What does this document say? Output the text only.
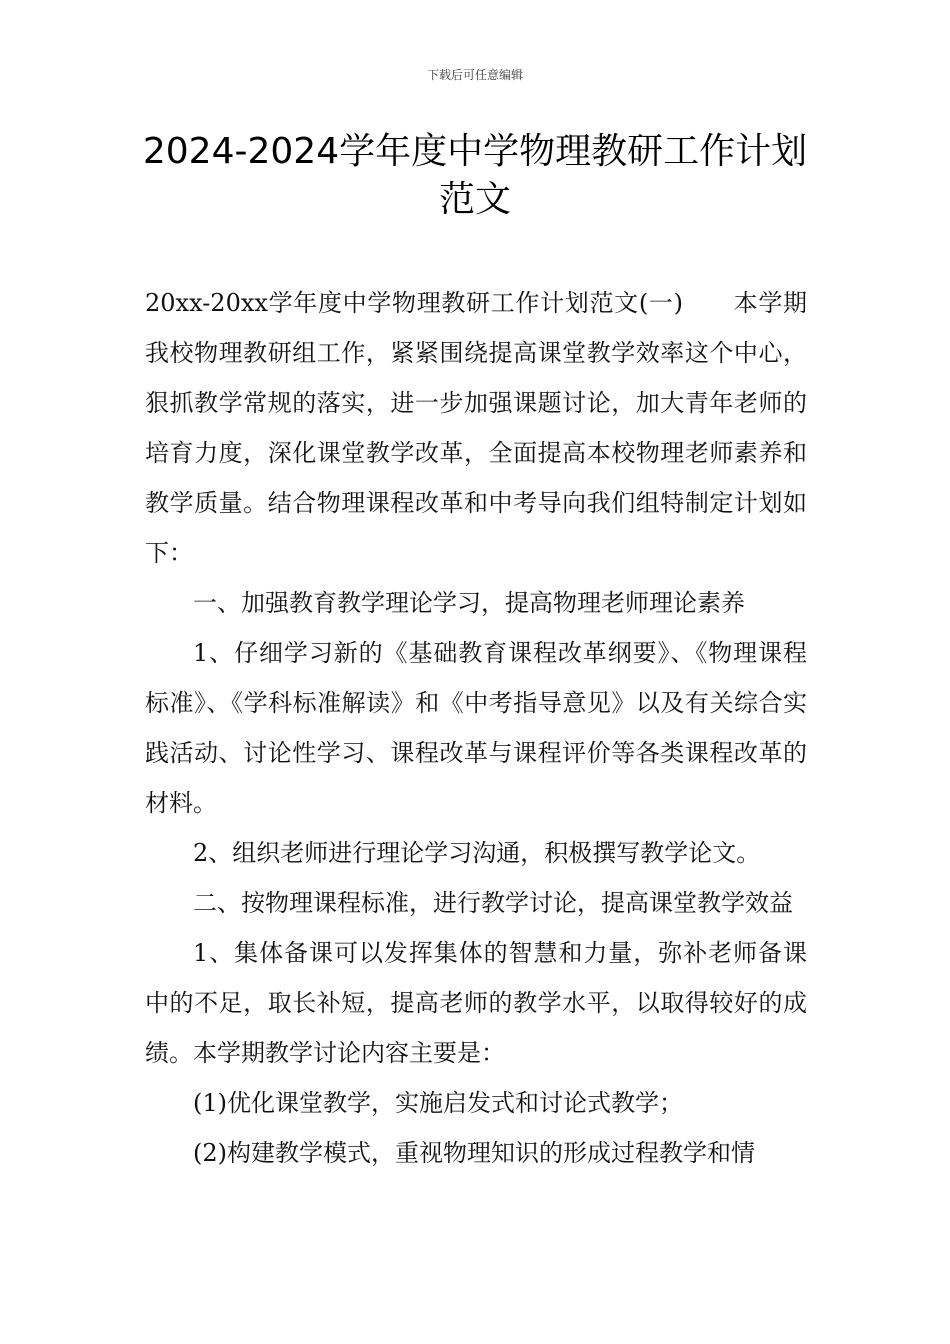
下载后可任意编辑
2024-2024学年度中学物理教研工作计划范文

20xx-20xx学年度中学物理教研工作计划范文(一) 本学期我校物理教研组工作，紧紧围绕提高课堂教学效率这个中心，狠抓教学常规的落实，进一步加强课题讨论，加大青年老师的培育力度，深化课堂教学改革，全面提高本校物理老师素养和教学质量。结合物理课程改革和中考导向我们组特制定计划如下：

一、加强教育教学理论学习，提高物理老师理论素养

1、仔细学习新的《基础教育课程改革纲要》、《物理课程标准》、《学科标准解读》和《中考指导意见》以及有关综合实践活动、讨论性学习、课程改革与课程评价等各类课程改革的材料。

2、组织老师进行理论学习沟通，积极撰写教学论文。

二、按物理课程标准，进行教学讨论，提高课堂教学效益

1、集体备课可以发挥集体的智慧和力量，弥补老师备课中的不足，取长补短，提高老师的教学水平，以取得较好的成绩。本学期教学讨论内容主要是：

(1)优化课堂教学，实施启发式和讨论式教学；

(2)构建教学模式，重视物理知识的形成过程教学和情
